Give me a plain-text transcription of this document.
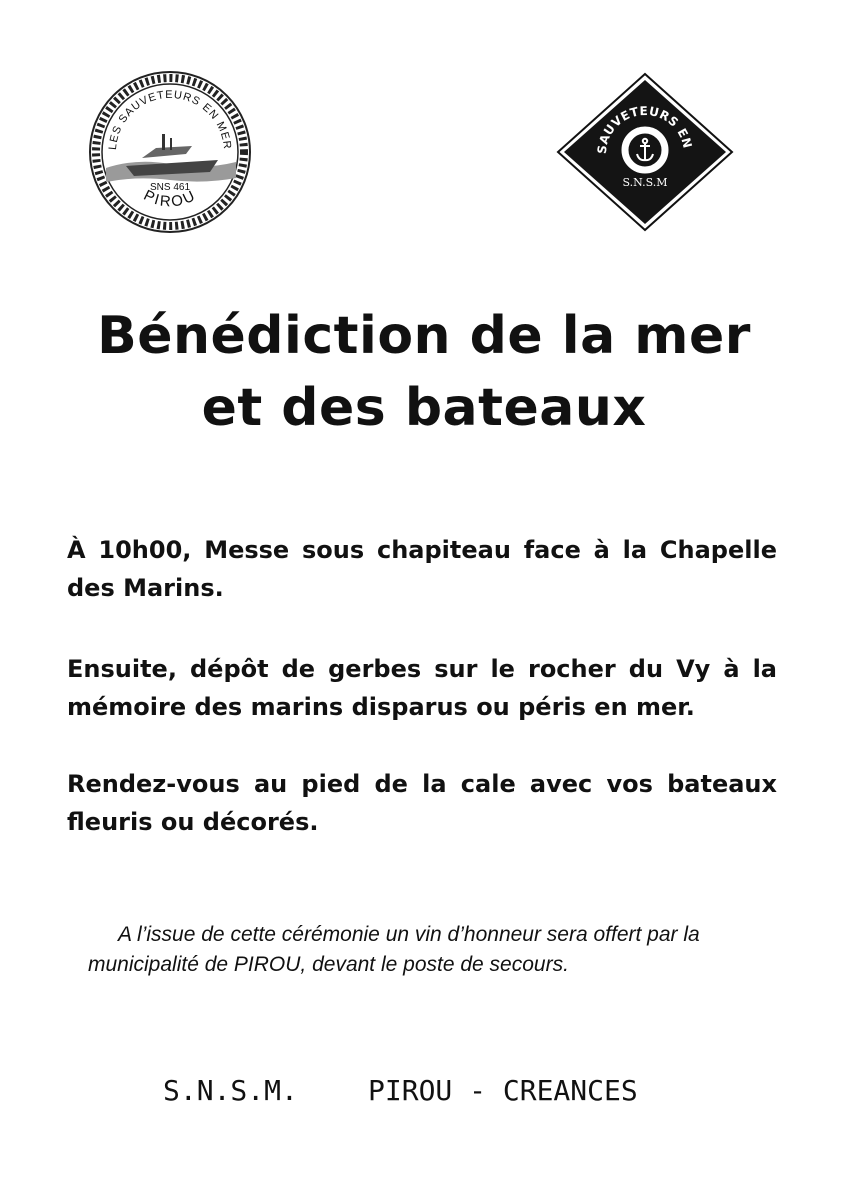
LES SAUVETEURS EN MER
SNS 461
PIROU
SAUVETEURS EN
S.N.S.M
Bénédiction de la mer
et des bateaux
À 10h00, Messe sous chapiteau face à la Chapelle des Marins.
Ensuite, dépôt de gerbes sur le rocher du Vy à la mémoire des marins disparus ou péris en mer.
Rendez-vous au pied de la cale avec vos bateaux fleuris ou décorés.
A l’issue de cette cérémonie un vin d’honneur sera offert par la municipalité de PIROU, devant le poste de secours.
S.N.S.M.	PIROU - CREANCES
